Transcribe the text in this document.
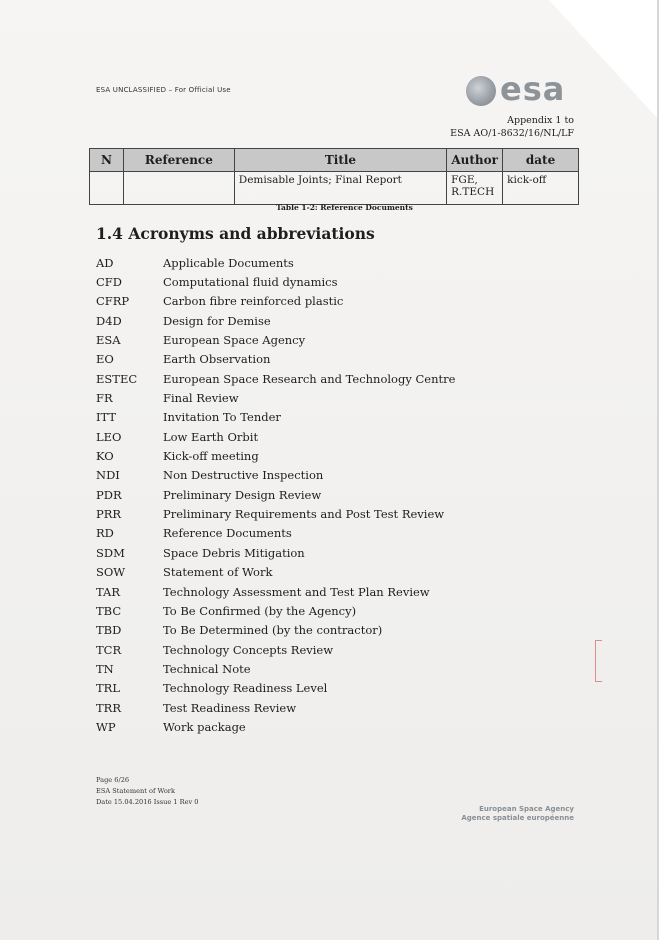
ESA UNCLASSIFIED – For Official Use	esa
Appendix 1 to
ESA AO/1-8632/16/NL/LF
N	Reference	Title	Author	date
		Demisable Joints; Final Report	FGE, R.TECH	kick-off
Table 1-2: Reference Documents
1.4 Acronyms and abbreviations
AD	Applicable Documents
CFD	Computational fluid dynamics
CFRP	Carbon fibre reinforced plastic
D4D	Design for Demise
ESA	European Space Agency
EO	Earth Observation
ESTEC	European Space Research and Technology Centre
FR	Final Review
ITT	Invitation To Tender
LEO	Low Earth Orbit
KO	Kick-off meeting
NDI	Non Destructive Inspection
PDR	Preliminary Design Review
PRR	Preliminary Requirements and Post Test Review
RD	Reference Documents
SDM	Space Debris Mitigation
SOW	Statement of Work
TAR	Technology Assessment and Test Plan Review
TBC	To Be Confirmed (by the Agency)
TBD	To Be Determined (by the contractor)
TCR	Technology Concepts Review
TN	Technical Note
TRL	Technology Readiness Level
TRR	Test Readiness Review
WP	Work package
Page 6/26
ESA Statement of Work
Date 15.04.2016 Issue 1 Rev 0
European Space Agency
Agence spatiale européenne
